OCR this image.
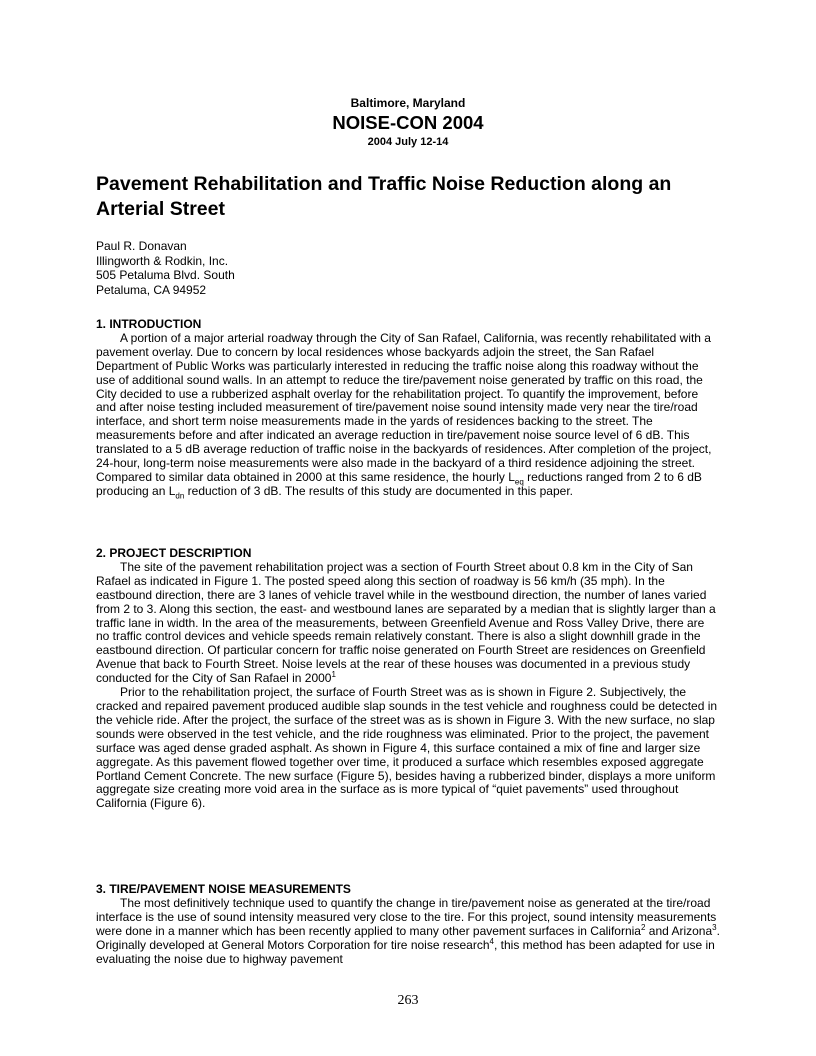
Baltimore, Maryland
NOISE-CON 2004
2004 July 12-14
Pavement Rehabilitation and Traffic Noise Reduction along an Arterial Street
Paul R. Donavan
Illingworth & Rodkin, Inc.
505 Petaluma Blvd. South
Petaluma, CA 94952
1. INTRODUCTION

A portion of a major arterial roadway through the City of San Rafael, California, was recently rehabilitated with a pavement overlay. Due to concern by local residences whose backyards adjoin the street, the San Rafael Department of Public Works was particularly interested in reducing the traffic noise along this roadway without the use of additional sound walls. In an attempt to reduce the tire/pavement noise generated by traffic on this road, the City decided to use a rubberized asphalt overlay for the rehabilitation project. To quantify the improvement, before and after noise testing included measurement of tire/pavement noise sound intensity made very near the tire/road interface, and short term noise measurements made in the yards of residences backing to the street. The measurements before and after indicated an average reduction in tire/pavement noise source level of 6 dB. This translated to a 5 dB average reduction of traffic noise in the backyards of residences. After completion of the project, 24-hour, long-term noise measurements were also made in the backyard of a third residence adjoining the street. Compared to similar data obtained in 2000 at this same residence, the hourly $L_{eq}$ reductions ranged from 2 to 6 dB producing an $L_{dn}$ reduction of 3 dB. The results of this study are documented in this paper.

2. PROJECT DESCRIPTION

The site of the pavement rehabilitation project was a section of Fourth Street about 0.8 km in the City of San Rafael as indicated in Figure 1. The posted speed along this section of roadway is 56 km/h (35 mph). In the eastbound direction, there are 3 lanes of vehicle travel while in the westbound direction, the number of lanes varied from 2 to 3. Along this section, the east- and westbound lanes are separated by a median that is slightly larger than a traffic lane in width. In the area of the measurements, between Greenfield Avenue and Ross Valley Drive, there are no traffic control devices and vehicle speeds remain relatively constant. There is also a slight downhill grade in the eastbound direction. Of particular concern for traffic noise generated on Fourth Street are residences on Greenfield Avenue that back to Fourth Street. Noise levels at the rear of these houses was documented in a previous study conducted for the City of San Rafael in 2000$^1$

Prior to the rehabilitation project, the surface of Fourth Street was as is shown in Figure 2. Subjectively, the cracked and repaired pavement produced audible slap sounds in the test vehicle and roughness could be detected in the vehicle ride. After the project, the surface of the street was as is shown in Figure 3. With the new surface, no slap sounds were observed in the test vehicle, and the ride roughness was eliminated. Prior to the project, the pavement surface was aged dense graded asphalt. As shown in Figure 4, this surface contained a mix of fine and larger size aggregate. As this pavement flowed together over time, it produced a surface which resembles exposed aggregate Portland Cement Concrete. The new surface (Figure 5), besides having a rubberized binder, displays a more uniform aggregate size creating more void area in the surface as is more typical of “quiet pavements” used throughout California (Figure 6).

3. TIRE/PAVEMENT NOISE MEASUREMENTS

The most definitively technique used to quantify the change in tire/pavement noise as generated at the tire/road interface is the use of sound intensity measured very close to the tire. For this project, sound intensity measurements were done in a manner which has been recently applied to many other pavement surfaces in California$^2$ and Arizona$^3$. Originally developed at General Motors Corporation for tire noise research$^4$, this method has been adapted for use in evaluating the noise due to highway pavement

263
